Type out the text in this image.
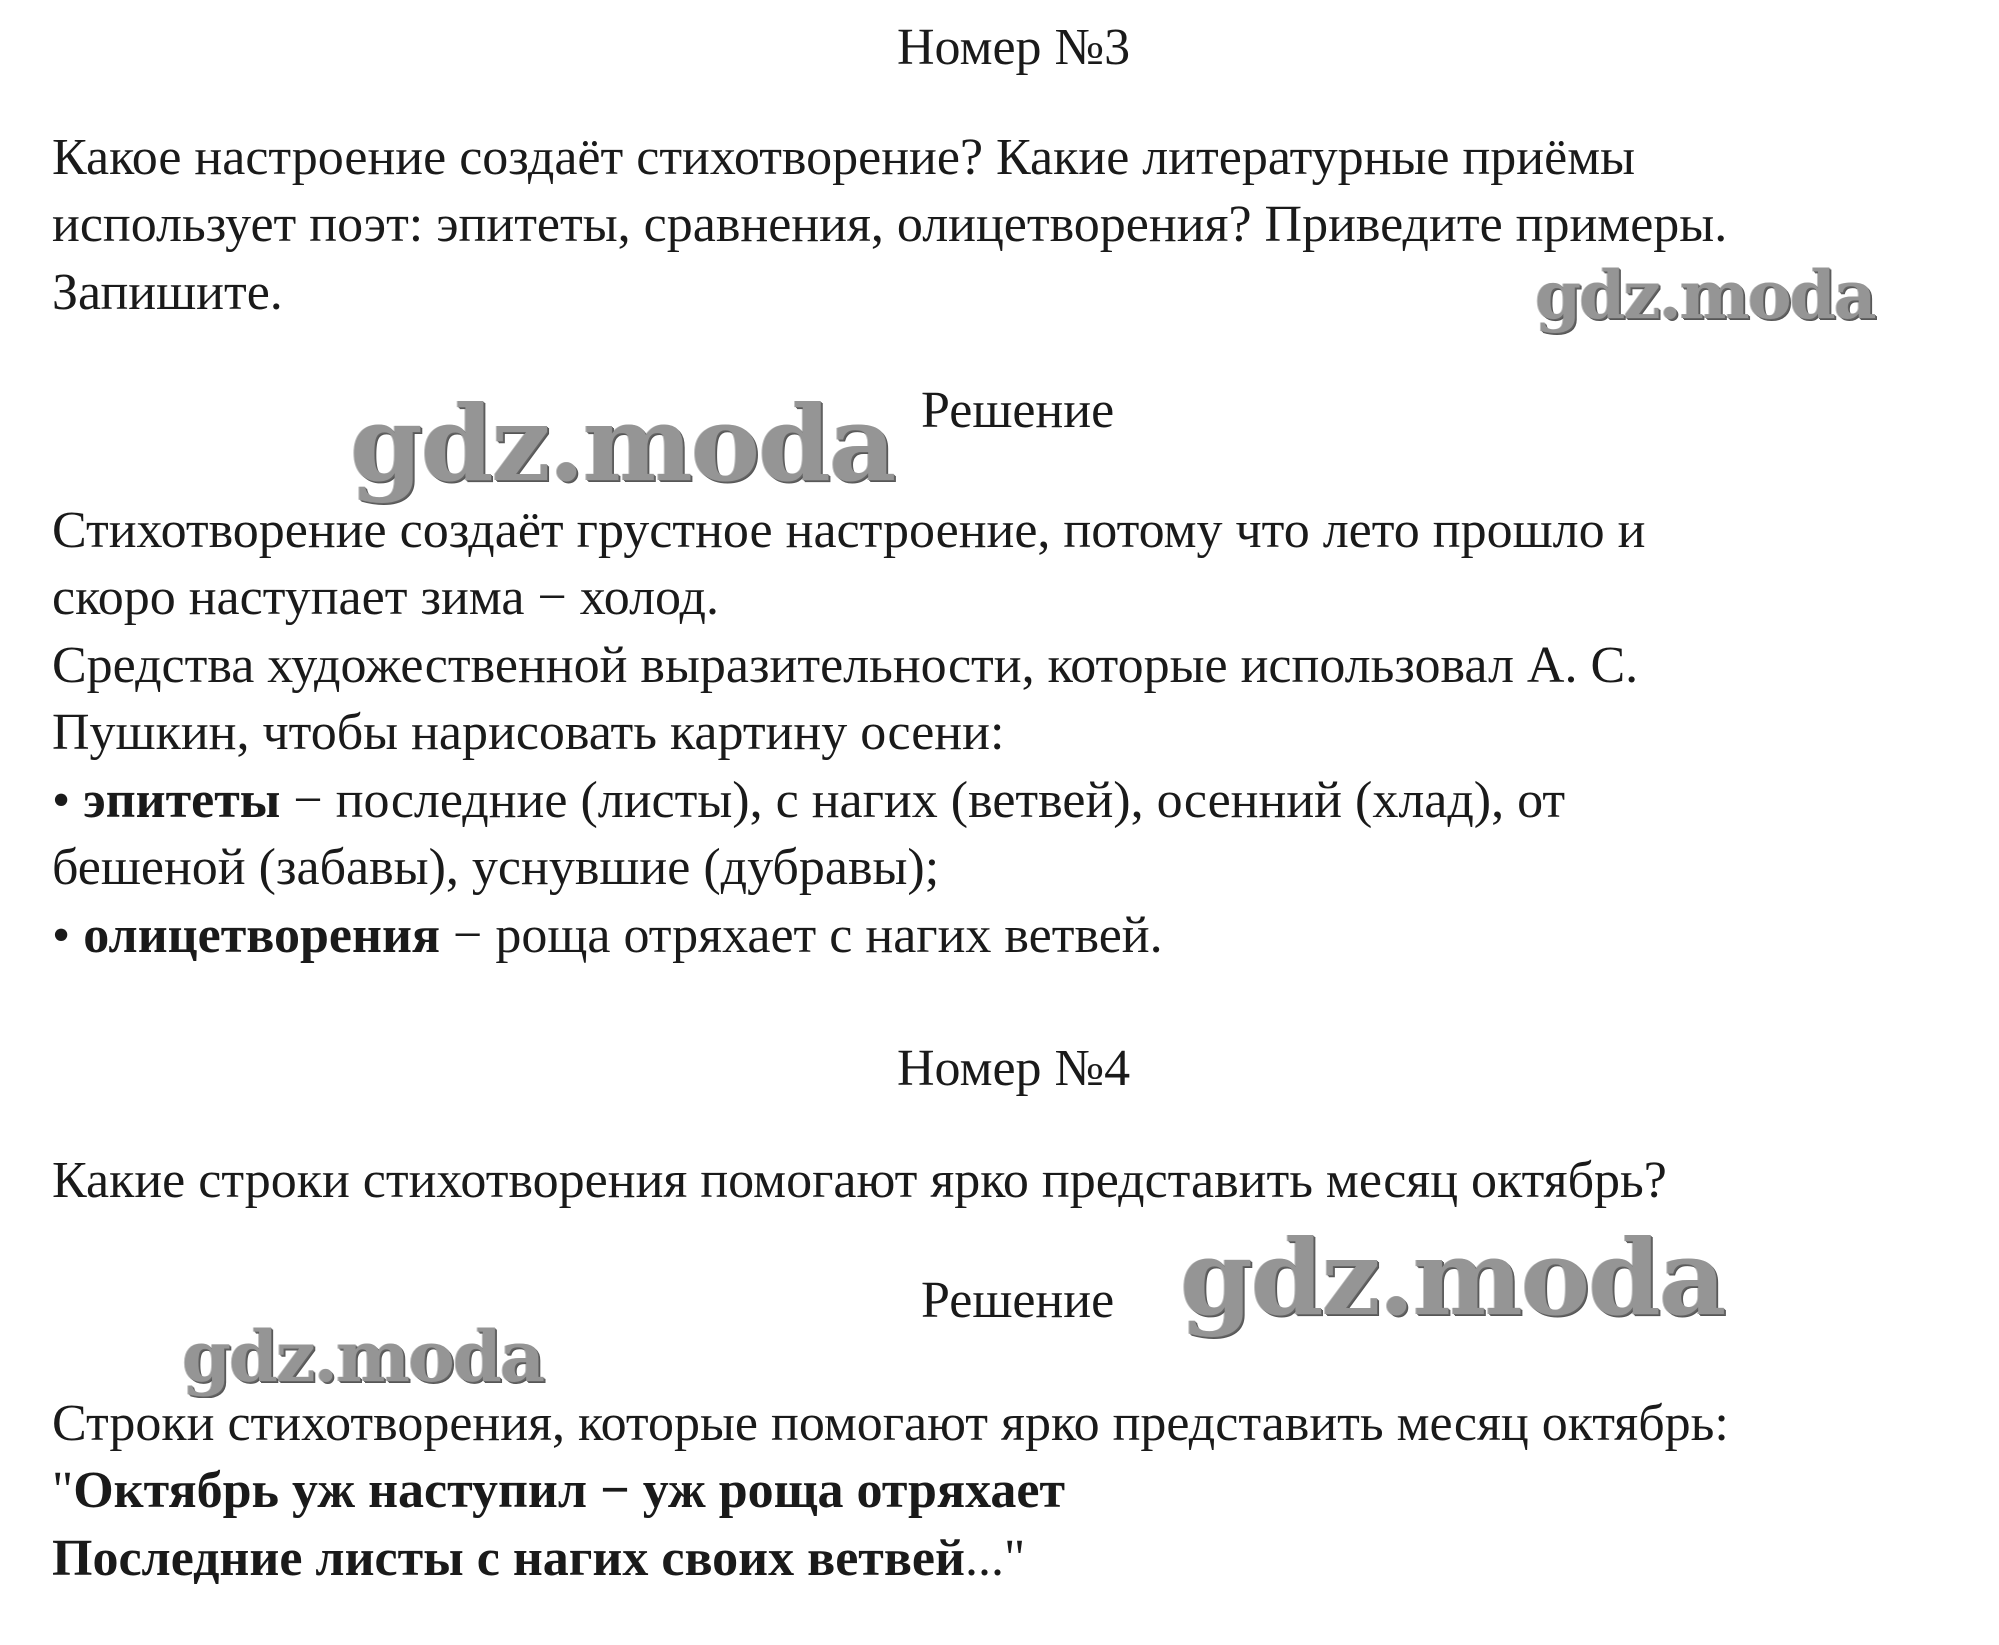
Номер №3
Какое настроение создаёт стихотворение? Какие литературные приёмы
использует поэт: эпитеты, сравнения, олицетворения? Приведите примеры.
Запишите.
Решение
Стихотворение создаёт грустное настроение, потому что лето прошло и
скоро наступает зима − холод.
Средства художественной выразительности, которые использовал А. С.
Пушкин, чтобы нарисовать картину осени:
• эпитеты − последние (листы), с нагих (ветвей), осенний (хлад), от
бешеной (забавы), уснувшие (дубравы);
• олицетворения − роща отряхает с нагих ветвей.
Номер №4
Какие строки стихотворения помогают ярко представить месяц октябрь?
Решение
Строки стихотворения, которые помогают ярко представить месяц октябрь:
"Октябрь уж наступил − уж роща отряхает
Последние листы с нагих своих ветвей..."
gdz.moda
gdz.moda
gdz.moda
gdz.moda
